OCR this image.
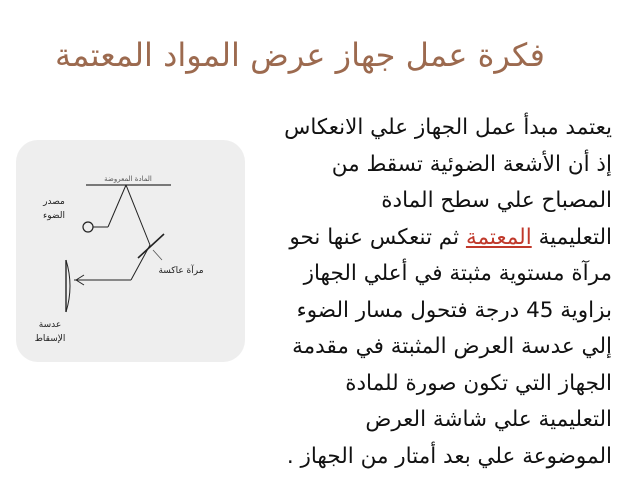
فكرة عمل جهاز عرض المواد المعتمة
يعتمد مبدأ عمل الجهاز علي الانعكاس
إذ أن الأشعة الضوئية تسقط من
المصباح علي سطح المادة
التعليمية المعتمة ثم تنعكس عنها نحو
مرآة مستوية مثبتة في أعلي الجهاز
بزاوية 45 درجة فتحول مسار الضوء
إلي عدسة العرض المثبتة في مقدمة
الجهاز التي تكون صورة للمادة
التعليمية علي شاشة العرض
الموضوعة علي بعد أمتار من الجهاز .
المادة المعروضة
مصدر
الضوء
مرآة عاكسة
عدسة
الإسقاط
